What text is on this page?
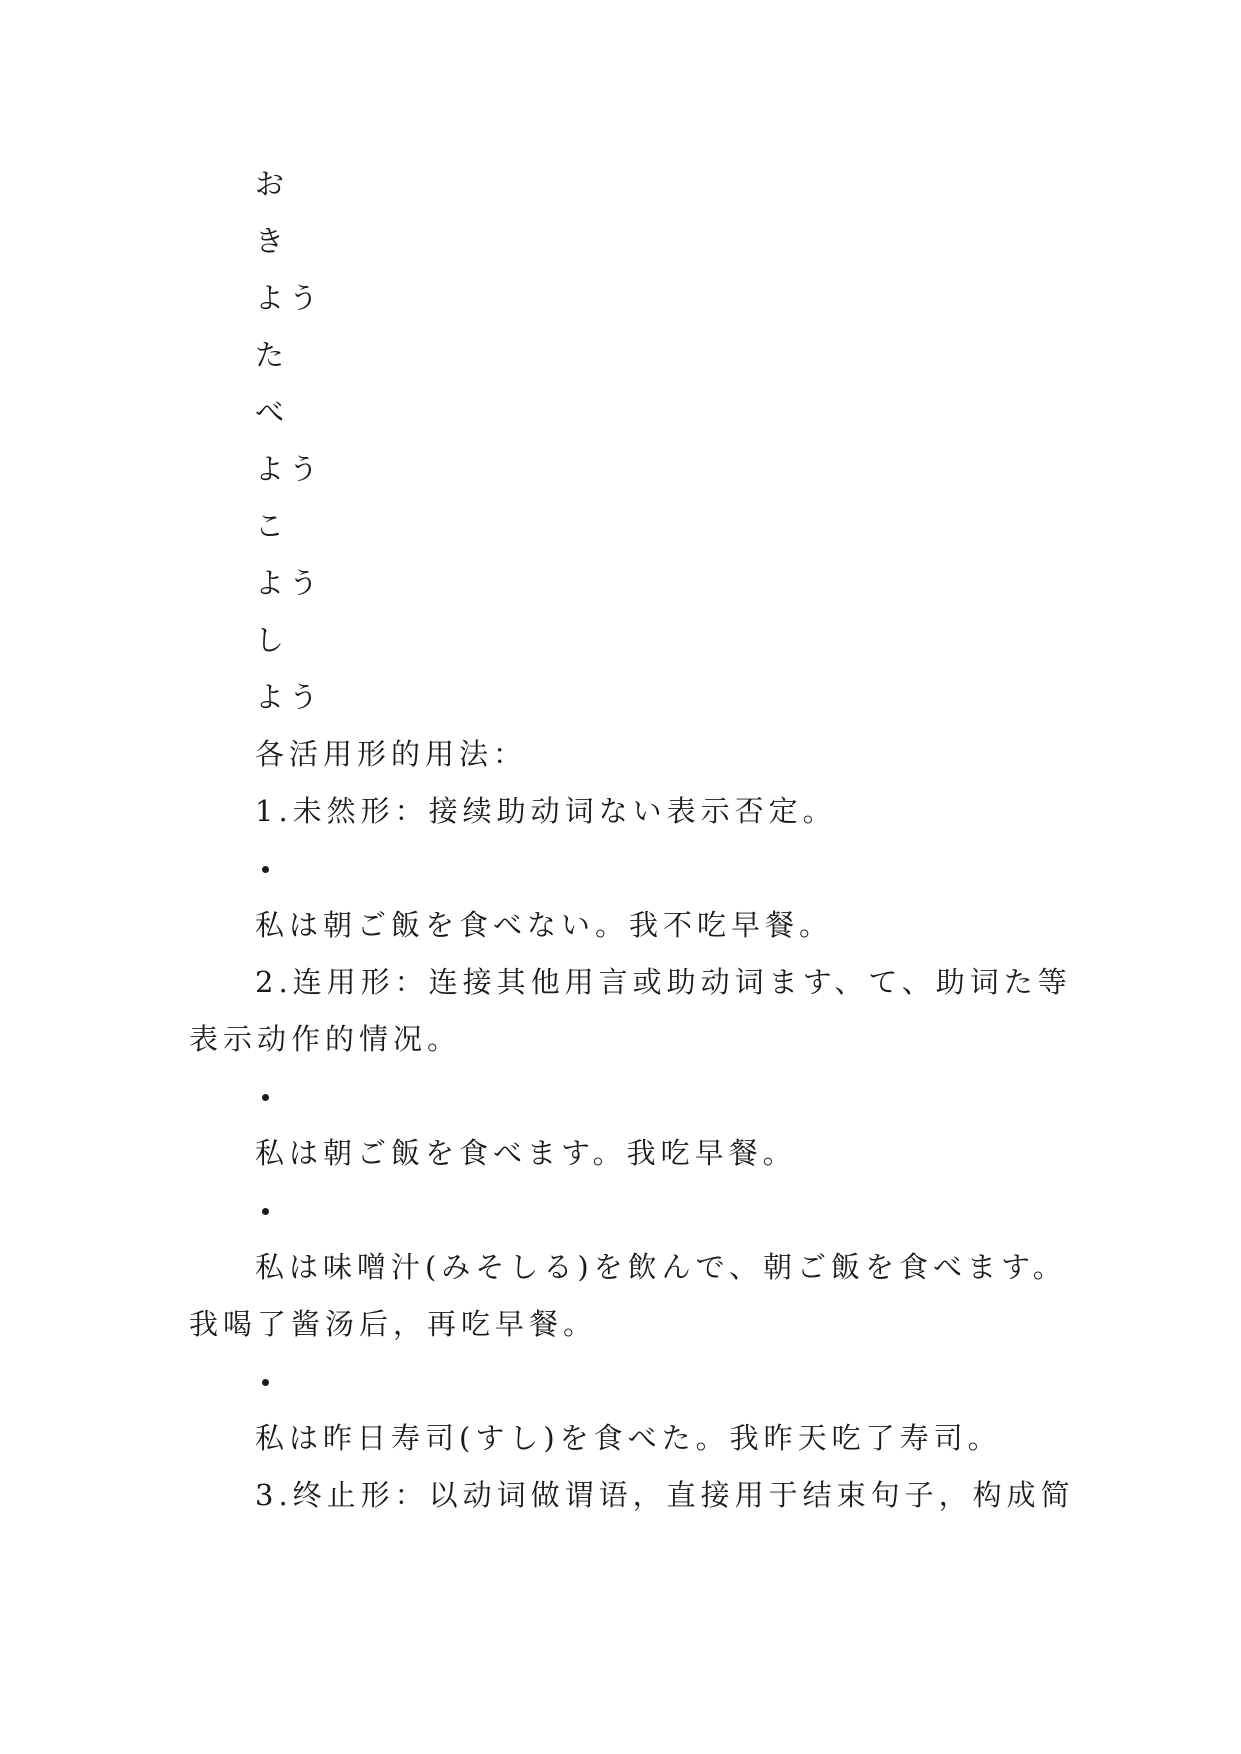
お
き
よう
た
べ
よう
こ
よう
し
よう
各活用形的用法：
1.未然形：接续助动词ない表示否定。
私は朝ご飯を食べない。我不吃早餐。
2.连用形：连接其他用言或助动词ます、て、助词た等
表示动作的情况。
私は朝ご飯を食べます。我吃早餐。
私は味噌汁(みそしる)を飲んで、朝ご飯を食べます。
我喝了酱汤后，再吃早餐。
私は昨日寿司(すし)を食べた。我昨天吃了寿司。
3.终止形：以动词做谓语，直接用于结束句子，构成简
